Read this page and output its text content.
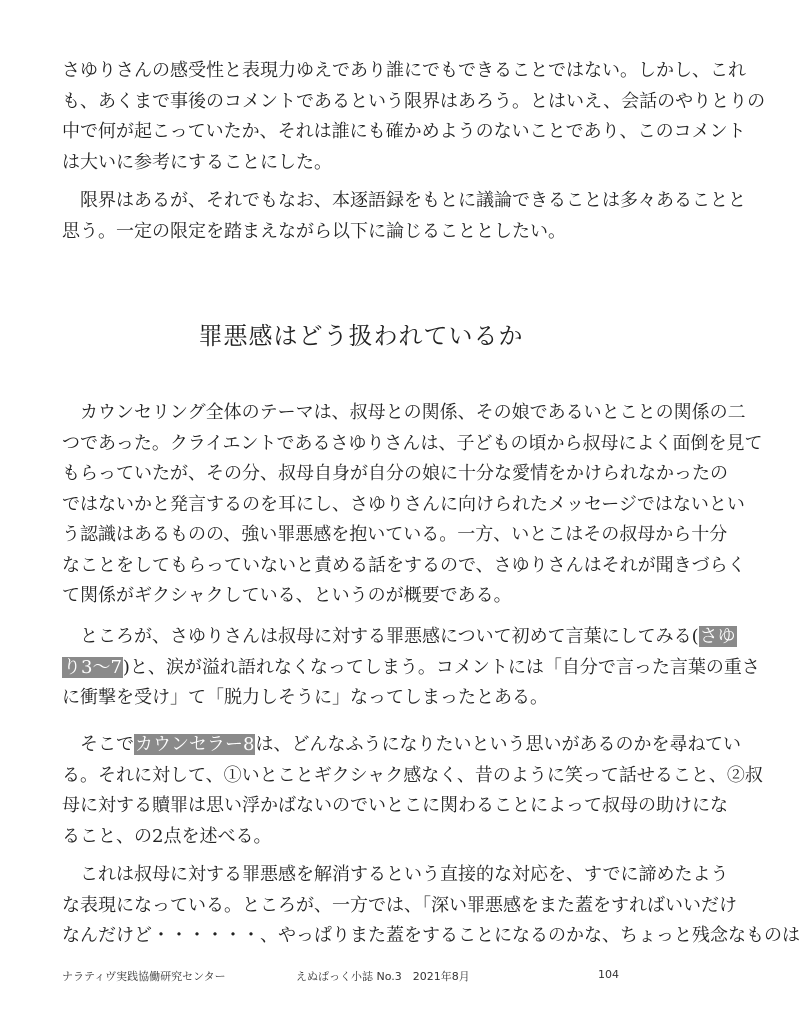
さゆりさんの感受性と表現力ゆえであり誰にでもできることではない。しかし、これ
も、あくまで事後のコメントであるという限界はあろう。とはいえ、会話のやりとりの
中で何が起こっていたか、それは誰にも確かめようのないことであり、このコメント
は大いに参考にすることにした。
　限界はあるが、それでもなお、本逐語録をもとに議論できることは多々あることと
思う。一定の限定を踏まえながら以下に論じることとしたい。
罪悪感はどう扱われているか
　カウンセリング全体のテーマは、叔母との関係、その娘であるいとことの関係の二
つであった。クライエントであるさゆりさんは、子どもの頃から叔母によく面倒を見て
もらっていたが、その分、叔母自身が自分の娘に十分な愛情をかけられなかったの
ではないかと発言するのを耳にし、さゆりさんに向けられたメッセージではないとい
う認識はあるものの、強い罪悪感を抱いている。一方、いとこはその叔母から十分
なことをしてもらっていないと責める話をするので、さゆりさんはそれが聞きづらく
て関係がギクシャクしている、というのが概要である。
　ところが、さゆりさんは叔母に対する罪悪感について初めて言葉にしてみる(さゆ
り3～7)と、涙が溢れ語れなくなってしまう。コメントには「自分で言った言葉の重さ
に衝撃を受け」て「脱力しそうに」なってしまったとある。
　そこでカウンセラー8は、どんなふうになりたいという思いがあるのかを尋ねてい
る。それに対して、①いとことギクシャク感なく、昔のように笑って話せること、②叔
母に対する贖罪は思い浮かばないのでいとこに関わることによって叔母の助けにな
ること、の2点を述べる。
　これは叔母に対する罪悪感を解消するという直接的な対応を、すでに諦めたよう
な表現になっている。ところが、一方では、「深い罪悪感をまた蓋をすればいいだけ
なんだけど・・・・・・、やっぱりまた蓋をすることになるのかな、ちょっと残念なものは
ナラティヴ実践協働研究センター	えぬぱっく小誌 No.3　2021年8月	104
